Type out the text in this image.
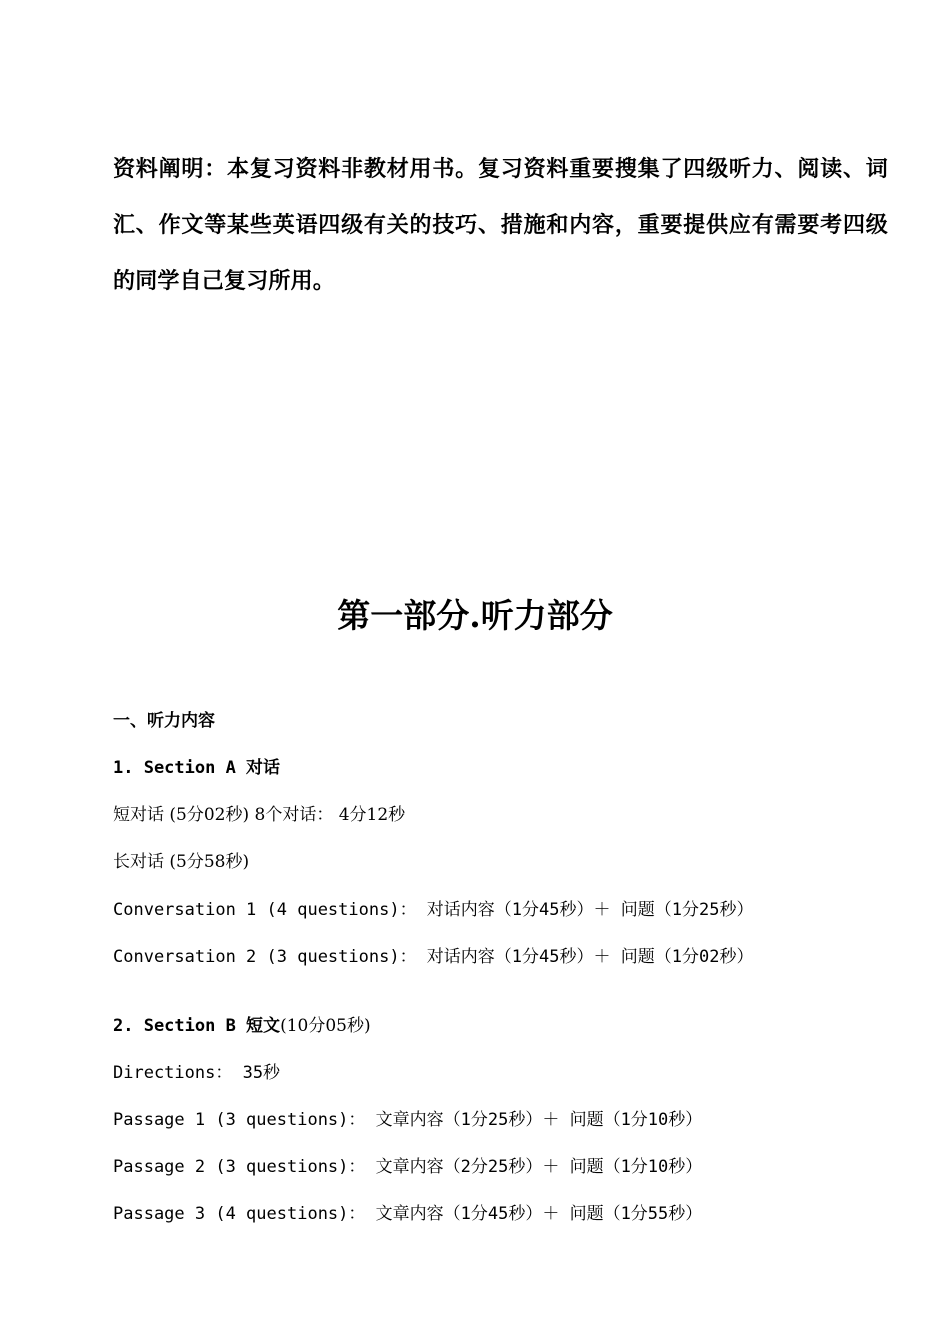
资料阐明：本复习资料非教材用书。复习资料重要搜集了四级听力、阅读、词汇、作文等某些英语四级有关的技巧、措施和内容，重要提供应有需要考四级的同学自己复习所用。

第一部分.听力部分

一、听力内容

1. Section A 对话

短对话 (5分02秒) 8个对话： 4分12秒

长对话 (5分58秒)

Conversation 1 (4 questions)： 对话内容（1分45秒）＋ 问题（1分25秒）

Conversation 2 (3 questions)： 对话内容（1分45秒）＋ 问题（1分02秒）

2. Section B 短文(10分05秒)

Directions： 35秒

Passage 1 (3 questions)： 文章内容（1分25秒）＋ 问题（1分10秒）

Passage 2 (3 questions)： 文章内容（2分25秒）＋ 问题（1分10秒）

Passage 3 (4 questions)： 文章内容（1分45秒）＋ 问题（1分55秒）
